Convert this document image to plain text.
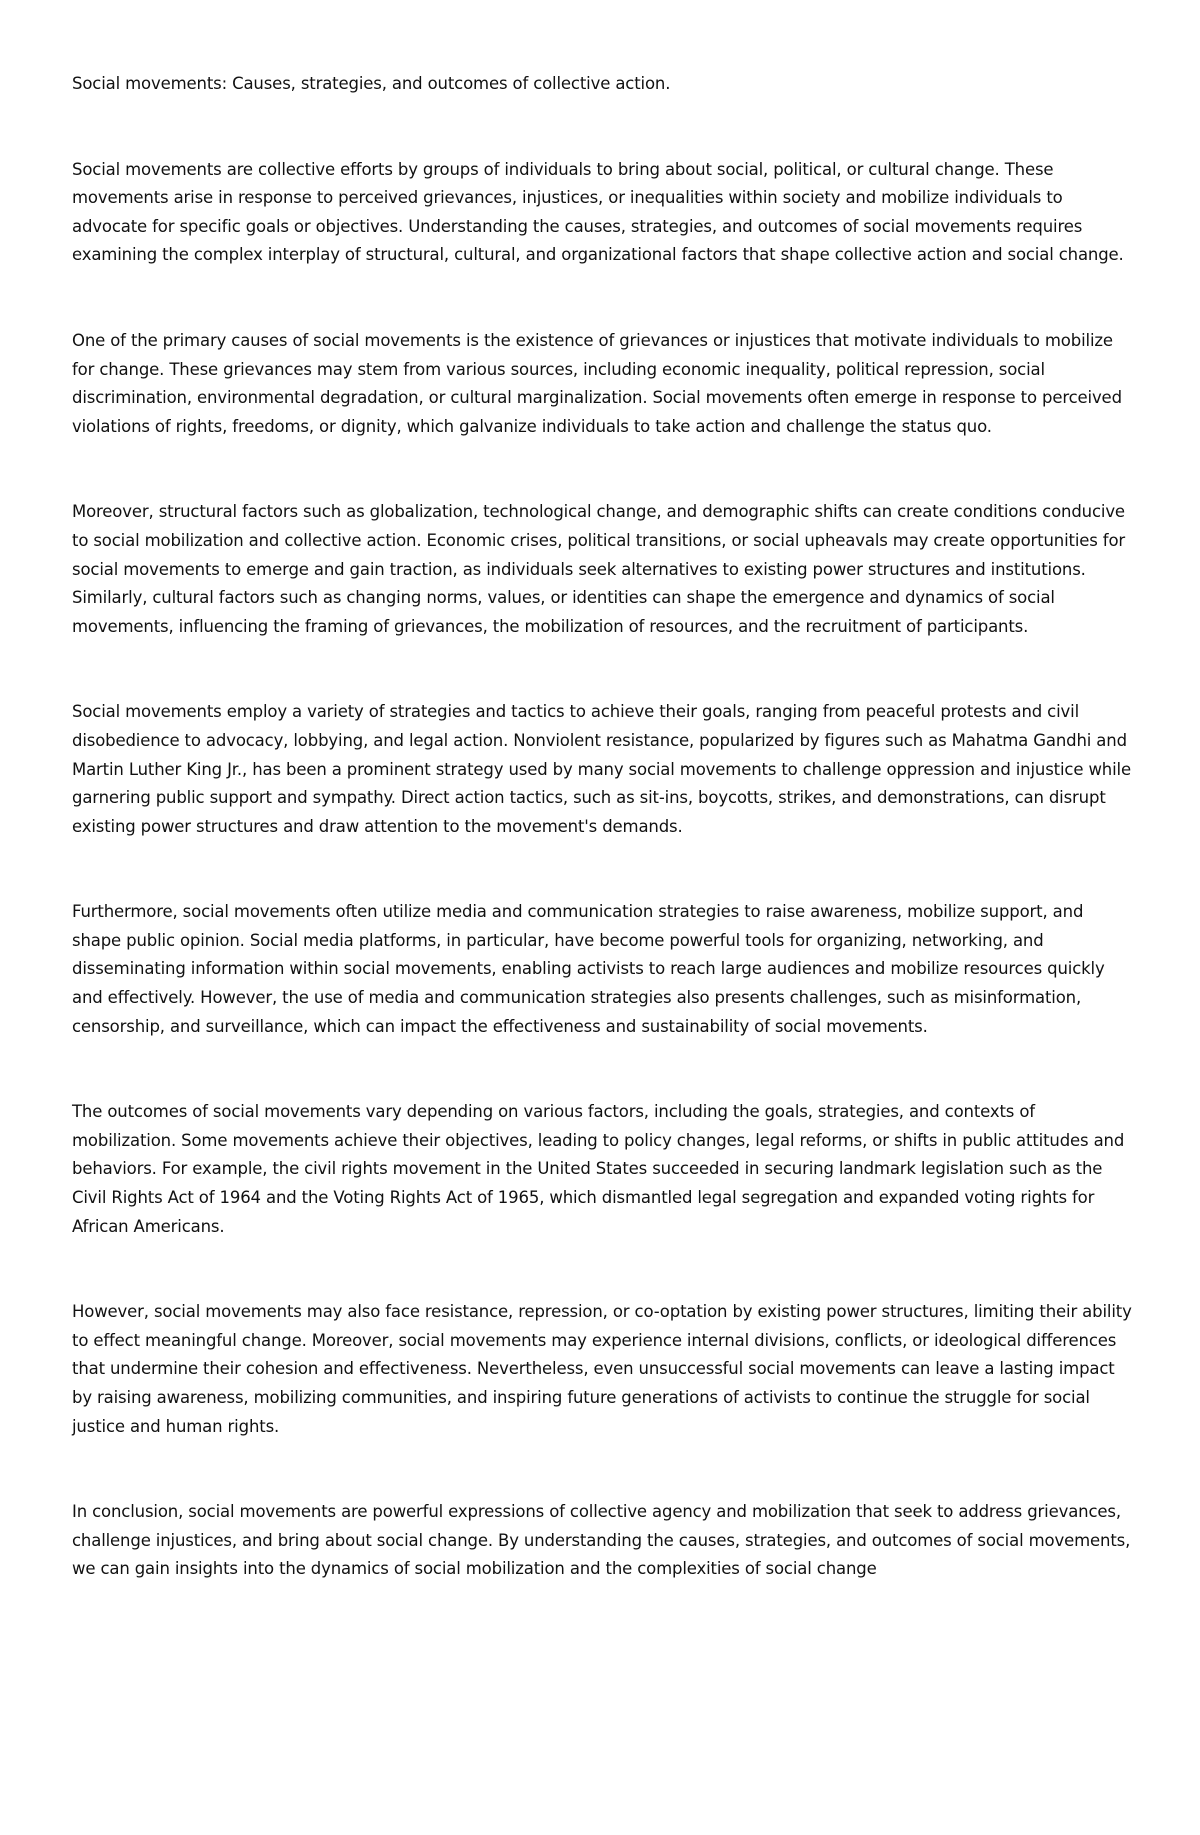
Social movements: Causes, strategies, and outcomes of collective action.

Social movements are collective efforts by groups of individuals to bring about social, political, or cultural change. These movements arise in response to perceived grievances, injustices, or inequalities within society and mobilize individuals to advocate for specific goals or objectives. Understanding the causes, strategies, and outcomes of social movements requires examining the complex interplay of structural, cultural, and organizational factors that shape collective action and social change.

One of the primary causes of social movements is the existence of grievances or injustices that motivate individuals to mobilize for change. These grievances may stem from various sources, including economic inequality, political repression, social discrimination, environmental degradation, or cultural marginalization. Social movements often emerge in response to perceived violations of rights, freedoms, or dignity, which galvanize individuals to take action and challenge the status quo.

Moreover, structural factors such as globalization, technological change, and demographic shifts can create conditions conducive to social mobilization and collective action. Economic crises, political transitions, or social upheavals may create opportunities for social movements to emerge and gain traction, as individuals seek alternatives to existing power structures and institutions. Similarly, cultural factors such as changing norms, values, or identities can shape the emergence and dynamics of social movements, influencing the framing of grievances, the mobilization of resources, and the recruitment of participants.

Social movements employ a variety of strategies and tactics to achieve their goals, ranging from peaceful protests and civil disobedience to advocacy, lobbying, and legal action. Nonviolent resistance, popularized by figures such as Mahatma Gandhi and Martin Luther King Jr., has been a prominent strategy used by many social movements to challenge oppression and injustice while garnering public support and sympathy. Direct action tactics, such as sit-ins, boycotts, strikes, and demonstrations, can disrupt existing power structures and draw attention to the movement's demands.

Furthermore, social movements often utilize media and communication strategies to raise awareness, mobilize support, and shape public opinion. Social media platforms, in particular, have become powerful tools for organizing, networking, and disseminating information within social movements, enabling activists to reach large audiences and mobilize resources quickly and effectively. However, the use of media and communication strategies also presents challenges, such as misinformation, censorship, and surveillance, which can impact the effectiveness and sustainability of social movements.

The outcomes of social movements vary depending on various factors, including the goals, strategies, and contexts of mobilization. Some movements achieve their objectives, leading to policy changes, legal reforms, or shifts in public attitudes and behaviors. For example, the civil rights movement in the United States succeeded in securing landmark legislation such as the Civil Rights Act of 1964 and the Voting Rights Act of 1965, which dismantled legal segregation and expanded voting rights for African Americans.

However, social movements may also face resistance, repression, or co-optation by existing power structures, limiting their ability to effect meaningful change. Moreover, social movements may experience internal divisions, conflicts, or ideological differences that undermine their cohesion and effectiveness. Nevertheless, even unsuccessful social movements can leave a lasting impact by raising awareness, mobilizing communities, and inspiring future generations of activists to continue the struggle for social justice and human rights.

In conclusion, social movements are powerful expressions of collective agency and mobilization that seek to address grievances, challenge injustices, and bring about social change. By understanding the causes, strategies, and outcomes of social movements, we can gain insights into the dynamics of social mobilization and the complexities of social change
